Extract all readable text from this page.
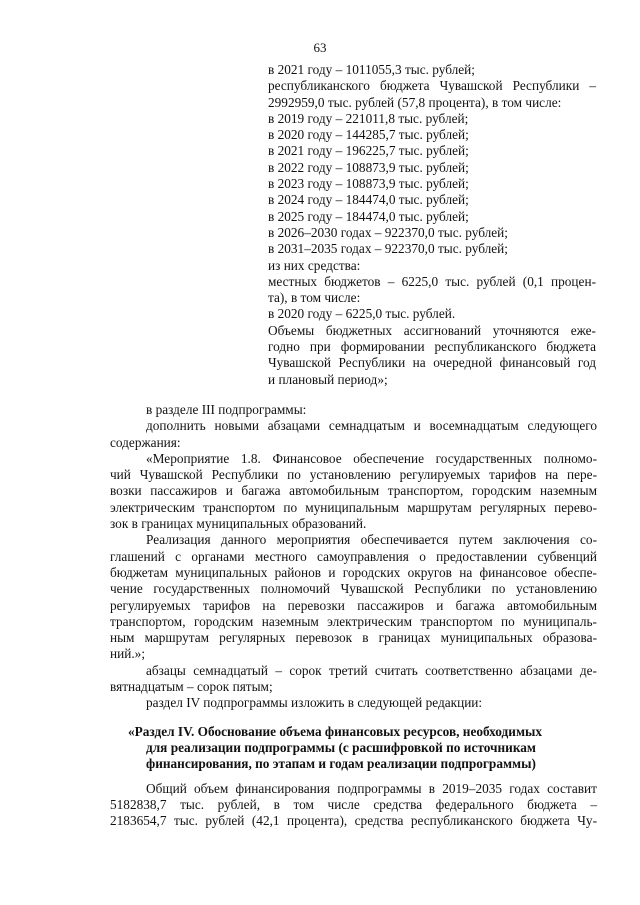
63
в 2021 году – 1011055,3 тыс. рублей;
республиканского бюджета Чувашской Республики –
2992959,0 тыс. рублей (57,8 процента), в том числе:
в 2019 году – 221011,8 тыс. рублей;
в 2020 году – 144285,7 тыс. рублей;
в 2021 году – 196225,7 тыс. рублей;
в 2022 году – 108873,9 тыс. рублей;
в 2023 году – 108873,9 тыс. рублей;
в 2024 году – 184474,0 тыс. рублей;
в 2025 году – 184474,0 тыс. рублей;
в 2026–2030 годах – 922370,0 тыс. рублей;
в 2031–2035 годах – 922370,0 тыс. рублей;
из них средства:
местных бюджетов – 6225,0 тыс. рублей (0,1 процен-
та), в том числе:
в 2020 году – 6225,0 тыс. рублей.
Объемы бюджетных ассигнований уточняются еже-
годно при формировании республиканского бюджета
Чувашской Республики на очередной финансовый год
и плановый период»;
в разделе III подпрограммы:
дополнить новыми абзацами семнадцатым и восемнадцатым следующего
содержания:
«Мероприятие 1.8. Финансовое обеспечение государственных полномо-
чий Чувашской Республики по установлению регулируемых тарифов на пере-
возки пассажиров и багажа автомобильным транспортом, городским наземным
электрическим транспортом по муниципальным маршрутам регулярных перево-
зок в границах муниципальных образований.
Реализация данного мероприятия обеспечивается путем заключения со-
глашений с органами местного самоуправления о предоставлении субвенций
бюджетам муниципальных районов и городских округов на финансовое обеспе-
чение государственных полномочий Чувашской Республики по установлению
регулируемых тарифов на перевозки пассажиров и багажа автомобильным
транспортом, городским наземным электрическим транспортом по муниципаль-
ным маршрутам регулярных перевозок в границах муниципальных образова-
ний.»;
абзацы семнадцатый – сорок третий считать соответственно абзацами де-
вятнадцатым – сорок пятым;
раздел IV подпрограммы изложить в следующей редакции:
«Раздел IV. Обоснование объема финансовых ресурсов, необходимых
для реализации подпрограммы (с расшифровкой по источникам
финансирования, по этапам и годам реализации подпрограммы)
Общий объем финансирования подпрограммы в 2019–2035 годах составит
5182838,7 тыс. рублей, в том числе средства федерального бюджета –
2183654,7 тыс. рублей (42,1 процента), средства республиканского бюджета Чу-
